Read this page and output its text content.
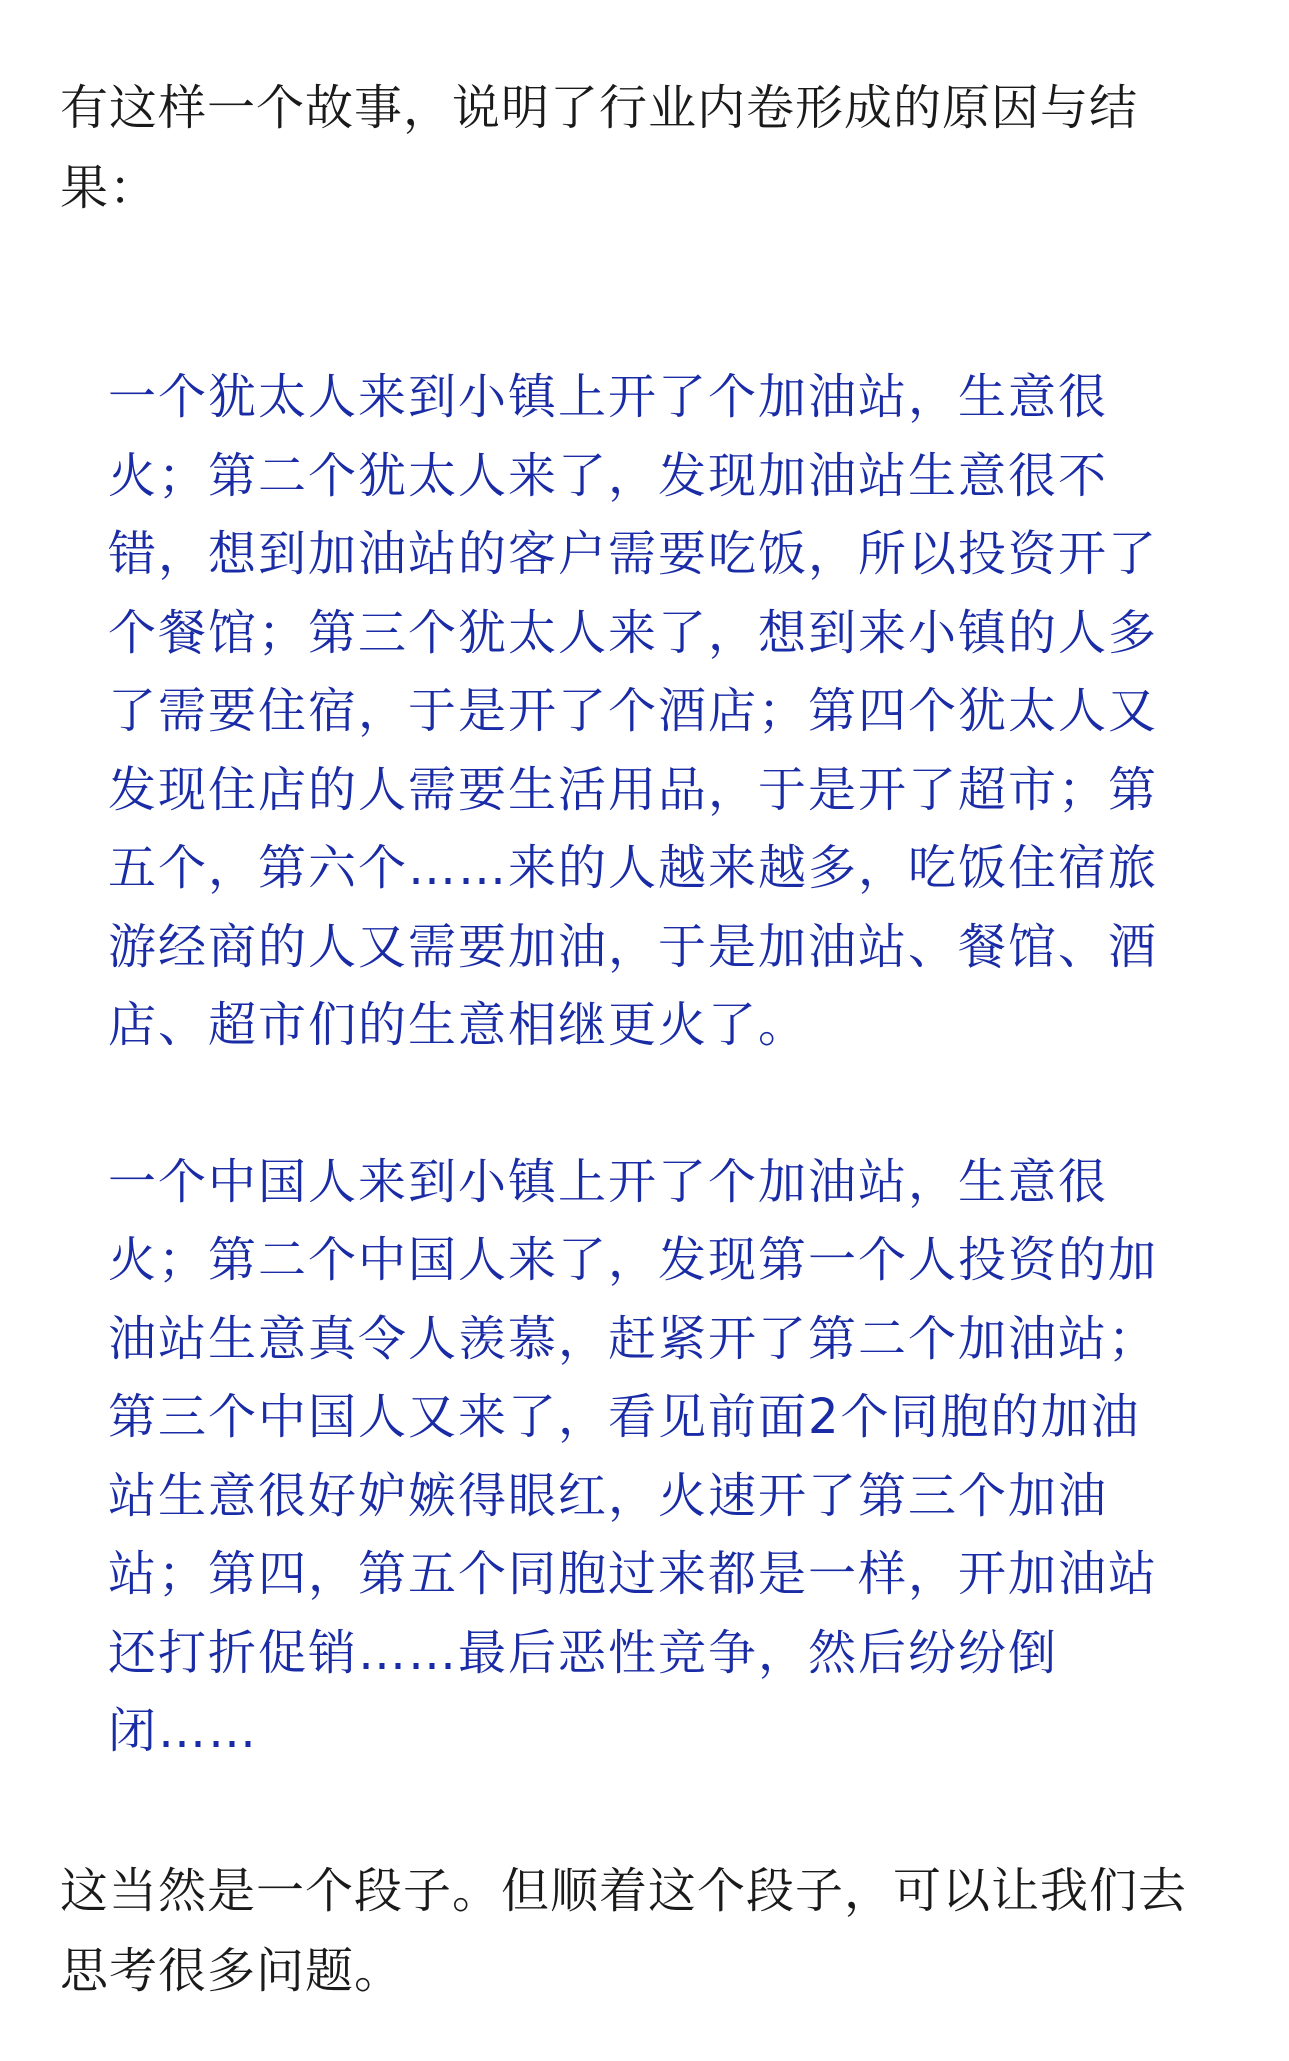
有这样一个故事，说明了行业内卷形成的原因与结果：

一个犹太人来到小镇上开了个加油站，生意很火；第二个犹太人来了，发现加油站生意很不错，想到加油站的客户需要吃饭，所以投资开了个餐馆；第三个犹太人来了，想到来小镇的人多了需要住宿，于是开了个酒店；第四个犹太人又发现住店的人需要生活用品，于是开了超市；第五个，第六个……来的人越来越多，吃饭住宿旅游经商的人又需要加油，于是加油站、餐馆、酒店、超市们的生意相继更火了。

一个中国人来到小镇上开了个加油站，生意很火；第二个中国人来了，发现第一个人投资的加油站生意真令人羡慕，赶紧开了第二个加油站；第三个中国人又来了，看见前面2个同胞的加油站生意很好妒嫉得眼红，火速开了第三个加油站；第四，第五个同胞过来都是一样，开加油站还打折促销……最后恶性竞争，然后纷纷倒闭……

这当然是一个段子。但顺着这个段子，可以让我们去思考很多问题。
